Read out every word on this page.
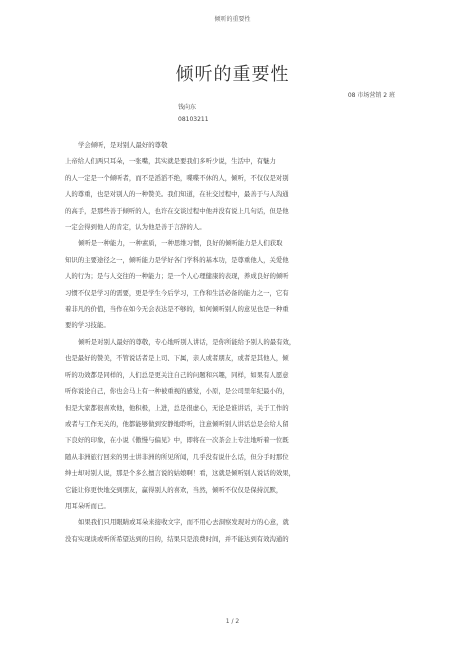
倾听的重要性
倾听的重要性
08 市场营销 2 班
钱向东
08103211
学会倾听，是对别人最好的尊敬
上帝给人们两只耳朵，一张嘴，其实就是要我们多听少说，生活中，有魅力
的人一定是一个倾听者，而不是滔滔不绝，喋喋不休的人，倾听，不仅仅是对别
人的尊重，也是对别人的一种赞美。我们知道，在社交过程中，最善于与人沟通
的高手，是那些善于倾听的人，也许在交谈过程中他并没有说上几句话，但是他
一定会得到他人的肯定，认为他是善于言辞的人。
倾听是一种能力，一种素质，一种思维习惯，良好的倾听能力是人们获取
知识的主要途径之一，倾听能力是学好各门学科的基本功，是尊重他人，关爱他
人的行为；是与人交往的一种能力；是一个人心理健康的表现，养成良好的倾听
习惯不仅是学习的需要，更是学生今后学习，工作和生活必备的能力之一，它有
着非凡的价值，当作在如今无会表达是不够的，如何倾听别人的意见也是一种重
要的学习技能。
倾听是对别人最好的尊敬，专心地听别人讲话，是你所能给予别人的最有效，
也是最好的赞美，不管说话者是上司、下属，亲人或者朋友，或者是其他人，倾
听的功效都是同样的，人们总是更关注自己的问题和兴趣，同样，如果有人愿意
听你说论自己，你也会马上有一种被重视的感觉，小原，是公司里年纪最小的，
但是大家都很喜欢他，他积极，上进，总是很虚心，无论是谁讲话，关于工作的
或者与工作无关的，他都能够做到安静地聆听，注意倾听别人讲话总是会给人留
下良好的印象，在小说《傲慢与偏见》中，即将在一次茶会上专注地听着一位既
随从非洲旅行回来的男士讲非洲的所见所闻，几乎没有说什么话，但分手时那位
绅士却对别人说，那是个多么擅言说的姑娘啊！看，这就是倾听别人说话的效果，
它能让你更快地交到朋友，赢得别人的喜欢，当然，倾听不仅仅是保持沉默，
用耳朵听而已。
如果我们只用眼睛或耳朵来接收文字，而不用心去洞察发现对方的心意，就
没有实现谈或听所希望达到的目的，结果只是浪费时间，并不能达到有效沟通的
1 / 2
